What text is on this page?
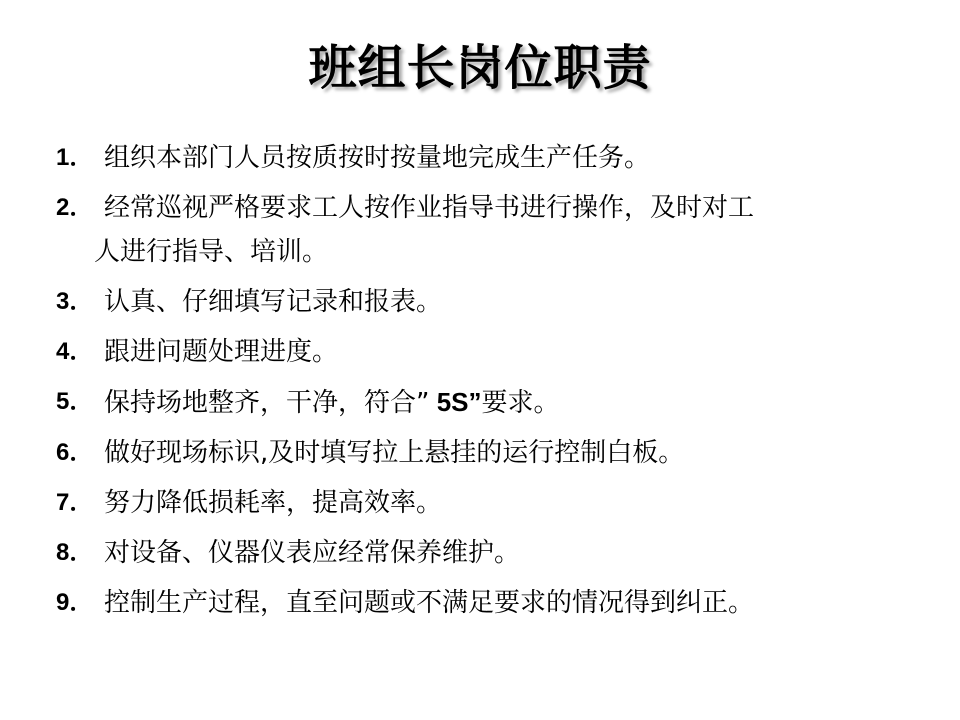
班组长岗位职责
1． 组织本部门人员按质按时按量地完成生产任务。
2． 经常巡视严格要求工人按作业指导书进行操作，及时对工
人进行指导、培训。
3． 认真、仔细填写记录和报表。
4． 跟进问题处理进度。
5． 保持场地整齐，干净，符合” 5S”要求。
6． 做好现场标识,及时填写拉上悬挂的运行控制白板。
7． 努力降低损耗率，提高效率。
8． 对设备、仪器仪表应经常保养维护。
9． 控制生产过程，直至问题或不满足要求的情况得到纠正。
